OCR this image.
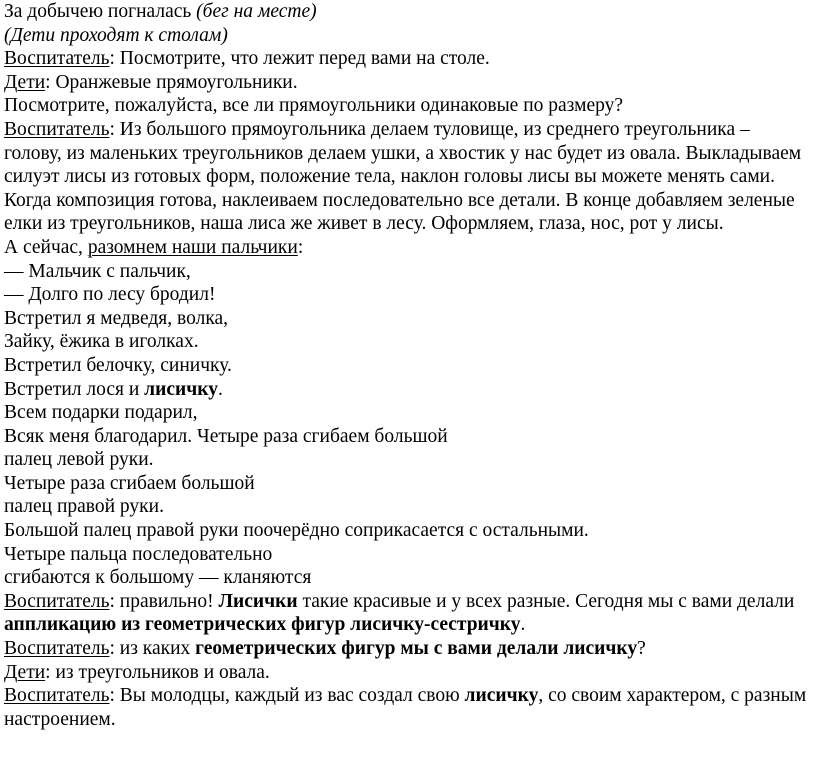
За добычею погналась (бег на месте)

(Дети проходят к столам)

Воспитатель: Посмотрите, что лежит перед вами на столе.

Дети: Оранжевые прямоугольники.

Посмотрите, пожалуйста, все ли прямоугольники одинаковые по размеру?

Воспитатель: Из большого прямоугольника делаем туловище, из среднего треугольника – голову, из маленьких треугольников делаем ушки, а хвостик у нас будет из овала. Выкладываем силуэт лисы из готовых форм, положение тела, наклон головы лисы вы можете менять сами. Когда композиция готова, наклеиваем последовательно все детали. В конце добавляем зеленые елки из треугольников, наша лиса же живет в лесу. Оформляем, глаза, нос, рот у лисы.

А сейчас, разомнем наши пальчики:

— Мальчик с пальчик,

— Долго по лесу бродил!

Встретил я медведя, волка,

Зайку, ёжика в иголках.

Встретил белочку, синичку.

Встретил лося и лисичку.

Всем подарки подарил,

Всяк меня благодарил. Четыре раза сгибаем большой

палец левой руки.

Четыре раза сгибаем большой

палец правой руки.

Большой палец правой руки поочерёдно соприкасается с остальными.

Четыре пальца последовательно

сгибаются к большому — кланяются

Воспитатель: правильно! Лисички такие красивые и у всех разные. Сегодня мы с вами делали аппликацию из геометрических фигур лисичку-сестричку.

Воспитатель: из каких геометрических фигур мы с вами делали лисичку?

Дети: из треугольников и овала.

Воспитатель: Вы молодцы, каждый из вас создал свою лисичку, со своим характером, с разным настроением.
